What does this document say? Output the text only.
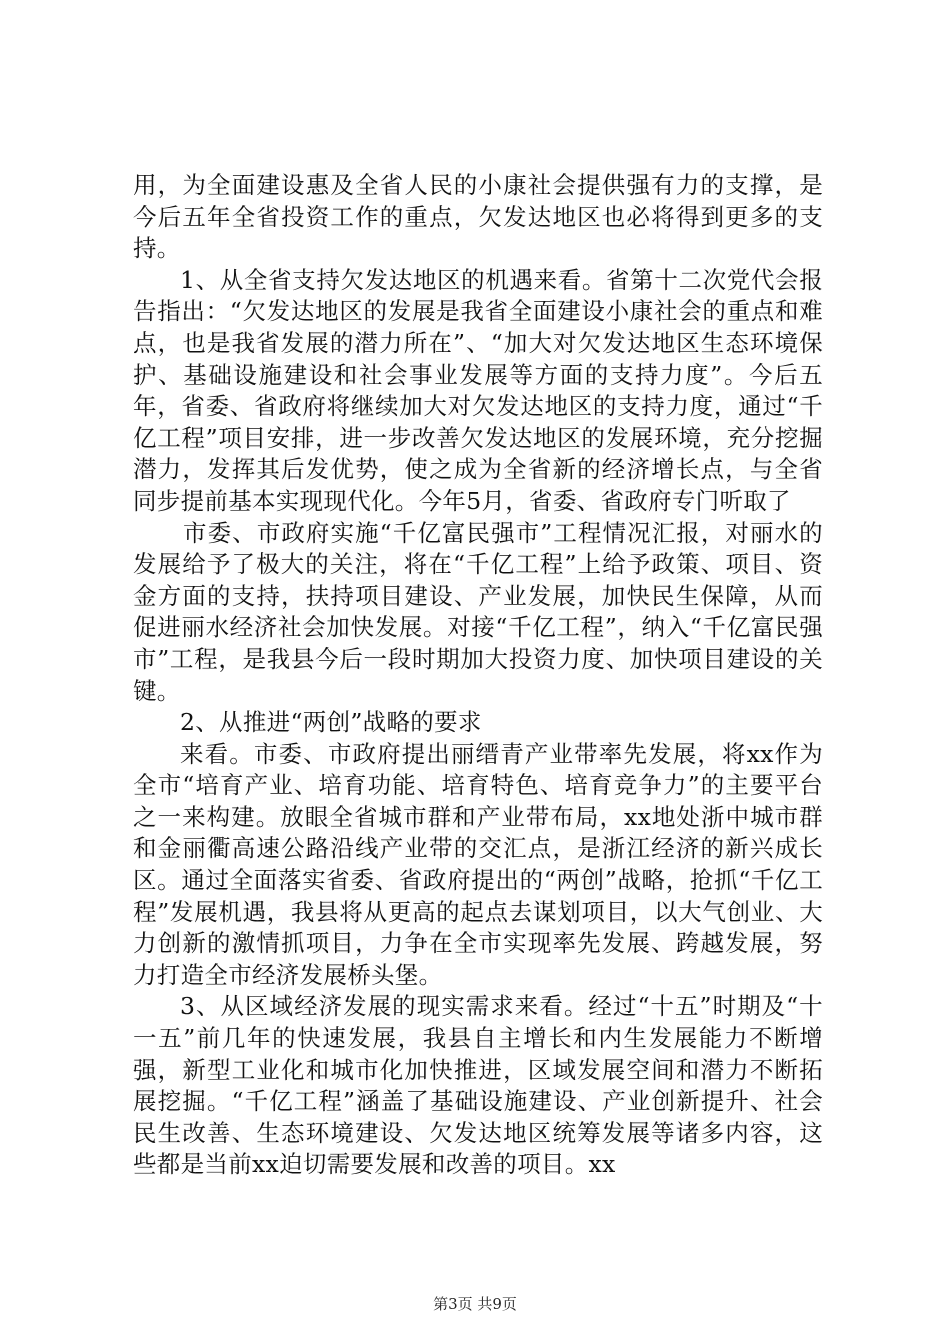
用，为全面建设惠及全省人民的小康社会提供强有力的支撑，是今后五年全省投资工作的重点，欠发达地区也必将得到更多的支持。

1、从全省支持欠发达地区的机遇来看。省第十二次党代会报告指出：“欠发达地区的发展是我省全面建设小康社会的重点和难点，也是我省发展的潜力所在”、“加大对欠发达地区生态环境保护、基础设施建设和社会事业发展等方面的支持力度”。今后五年，省委、省政府将继续加大对欠发达地区的支持力度，通过“千亿工程”项目安排，进一步改善欠发达地区的发展环境，充分挖掘潜力，发挥其后发优势，使之成为全省新的经济增长点，与全省同步提前基本实现现代化。今年5月，省委、省政府专门听取了

市委、市政府实施“千亿富民强市”工程情况汇报，对丽水的发展给予了极大的关注，将在“千亿工程”上给予政策、项目、资金方面的支持，扶持项目建设、产业发展，加快民生保障，从而促进丽水经济社会加快发展。对接“千亿工程”，纳入“千亿富民强市”工程，是我县今后一段时期加大投资力度、加快项目建设的关键。

2、从推进“两创”战略的要求

来看。市委、市政府提出丽缙青产业带率先发展，将xx作为全市“培育产业、培育功能、培育特色、培育竞争力”的主要平台之一来构建。放眼全省城市群和产业带布局，xx地处浙中城市群和金丽衢高速公路沿线产业带的交汇点，是浙江经济的新兴成长区。通过全面落实省委、省政府提出的“两创”战略，抢抓“千亿工程”发展机遇，我县将从更高的起点去谋划项目，以大气创业、大力创新的激情抓项目，力争在全市实现率先发展、跨越发展，努力打造全市经济发展桥头堡。

3、从区域经济发展的现实需求来看。经过“十五”时期及“十一五”前几年的快速发展，我县自主增长和内生发展能力不断增强，新型工业化和城市化加快推进，区域发展空间和潜力不断拓展挖掘。“千亿工程”涵盖了基础设施建设、产业创新提升、社会民生改善、生态环境建设、欠发达地区统筹发展等诸多内容，这些都是当前xx迫切需要发展和改善的项目。xx

第3页 共9页
